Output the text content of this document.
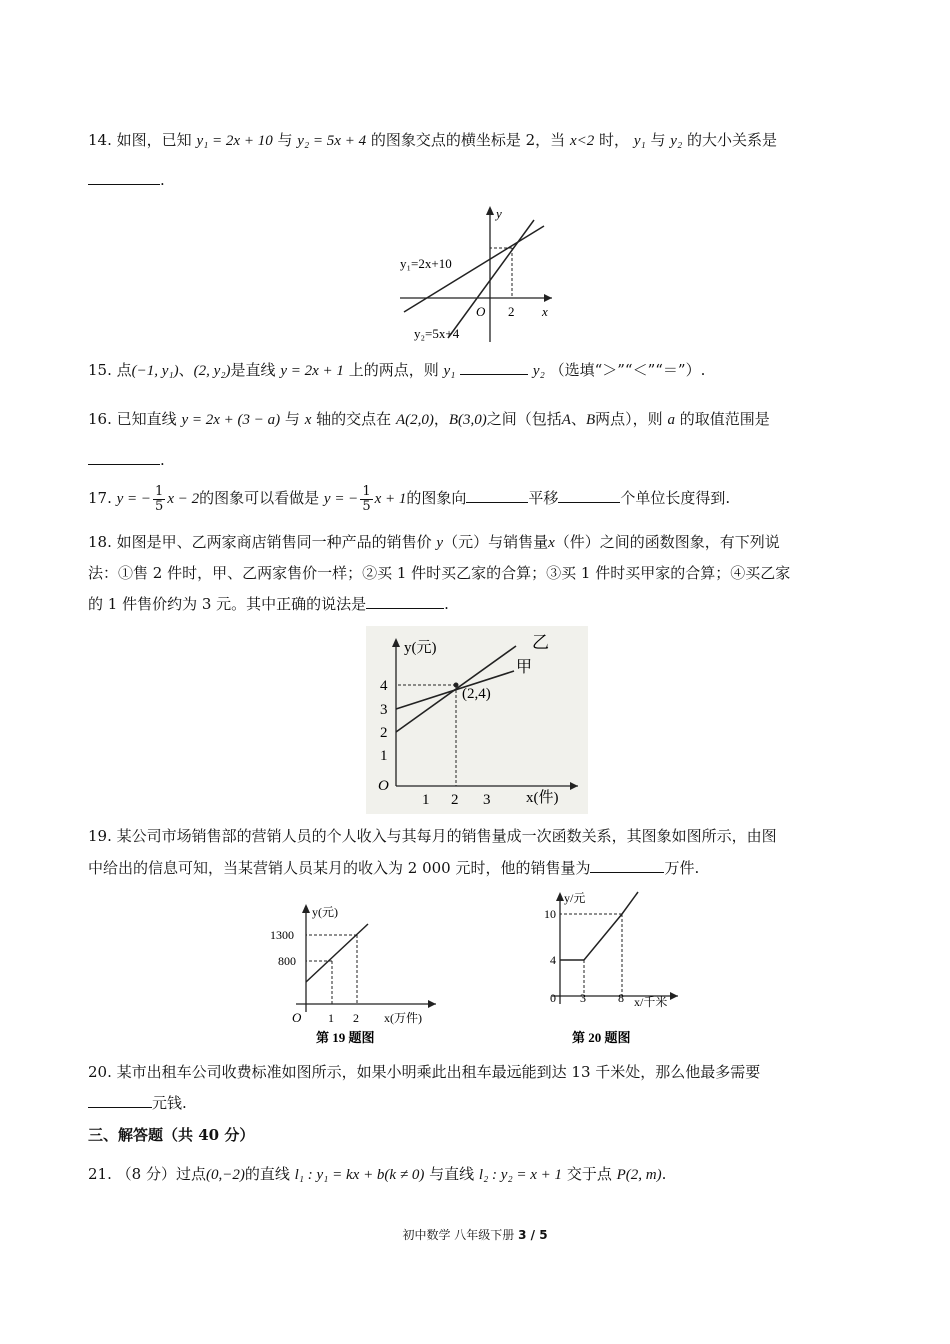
14. 如图，已知 y₁ = 2x + 10 与 y₂ = 5x + 4 的图象交点的横坐标是 2，当 x<2 时， y₁ 与 y₂ 的大小关系是
.
y
x
O 2
y₁=2x+10
y₂=5x+4
15. 点(−1, y₁)、(2, y₂)是直线 y = 2x + 1 上的两点，则 y₁	y₂ （选填“＞”“＜”“＝”）.
16. 已知直线 y = 2x + (3 − a) 与 x 轴的交点在 A(2,0)，B(3,0)之间（包括A、B两点），则 a 的取值范围是
.
17. y = − $\frac{1}{5}$ x − 2的图象可以看做是 y = − $\frac{1}{5}$ x + 1的图象向	平移	个单位长度得到.
18. 如图是甲、乙两家商店销售同一种产品的销售价 y（元）与销售量x（件）之间的函数图象，有下列说
法：①售 2 件时，甲、乙两家售价一样；②买 1 件时买乙家的合算；③买 1 件时买甲家的合算；④买乙家
的 1 件售价约为 3 元。其中正确的说法是	.
y(元)
x(件)
O
1
2
3
4
1 2 3
(2,4)
乙
甲
19. 某公司市场销售部的营销人员的个人收入与其每月的销售量成一次函数关系，其图象如图所示，由图
中给出的信息可知，当某营销人员某月的收入为 2 000 元时，他的销售量为	万件.
y(元)
x(万件)
O
800
1300
1 2
第 19 题图
y/元
x/千米
0
4
10
3	8
第 20 题图
20. 某市出租车公司收费标准如图所示，如果小明乘此出租车最远能到达 13 千米处，那么他最多需要
元钱.
三、解答题（共 40 分）
21. （8 分）过点(0,−2)的直线 l₁ : y₁ = kx + b(k ≠ 0) 与直线 l₂ : y₂ = x + 1 交于点 P(2, m).
初中数学 八年级下册 3 / 5
